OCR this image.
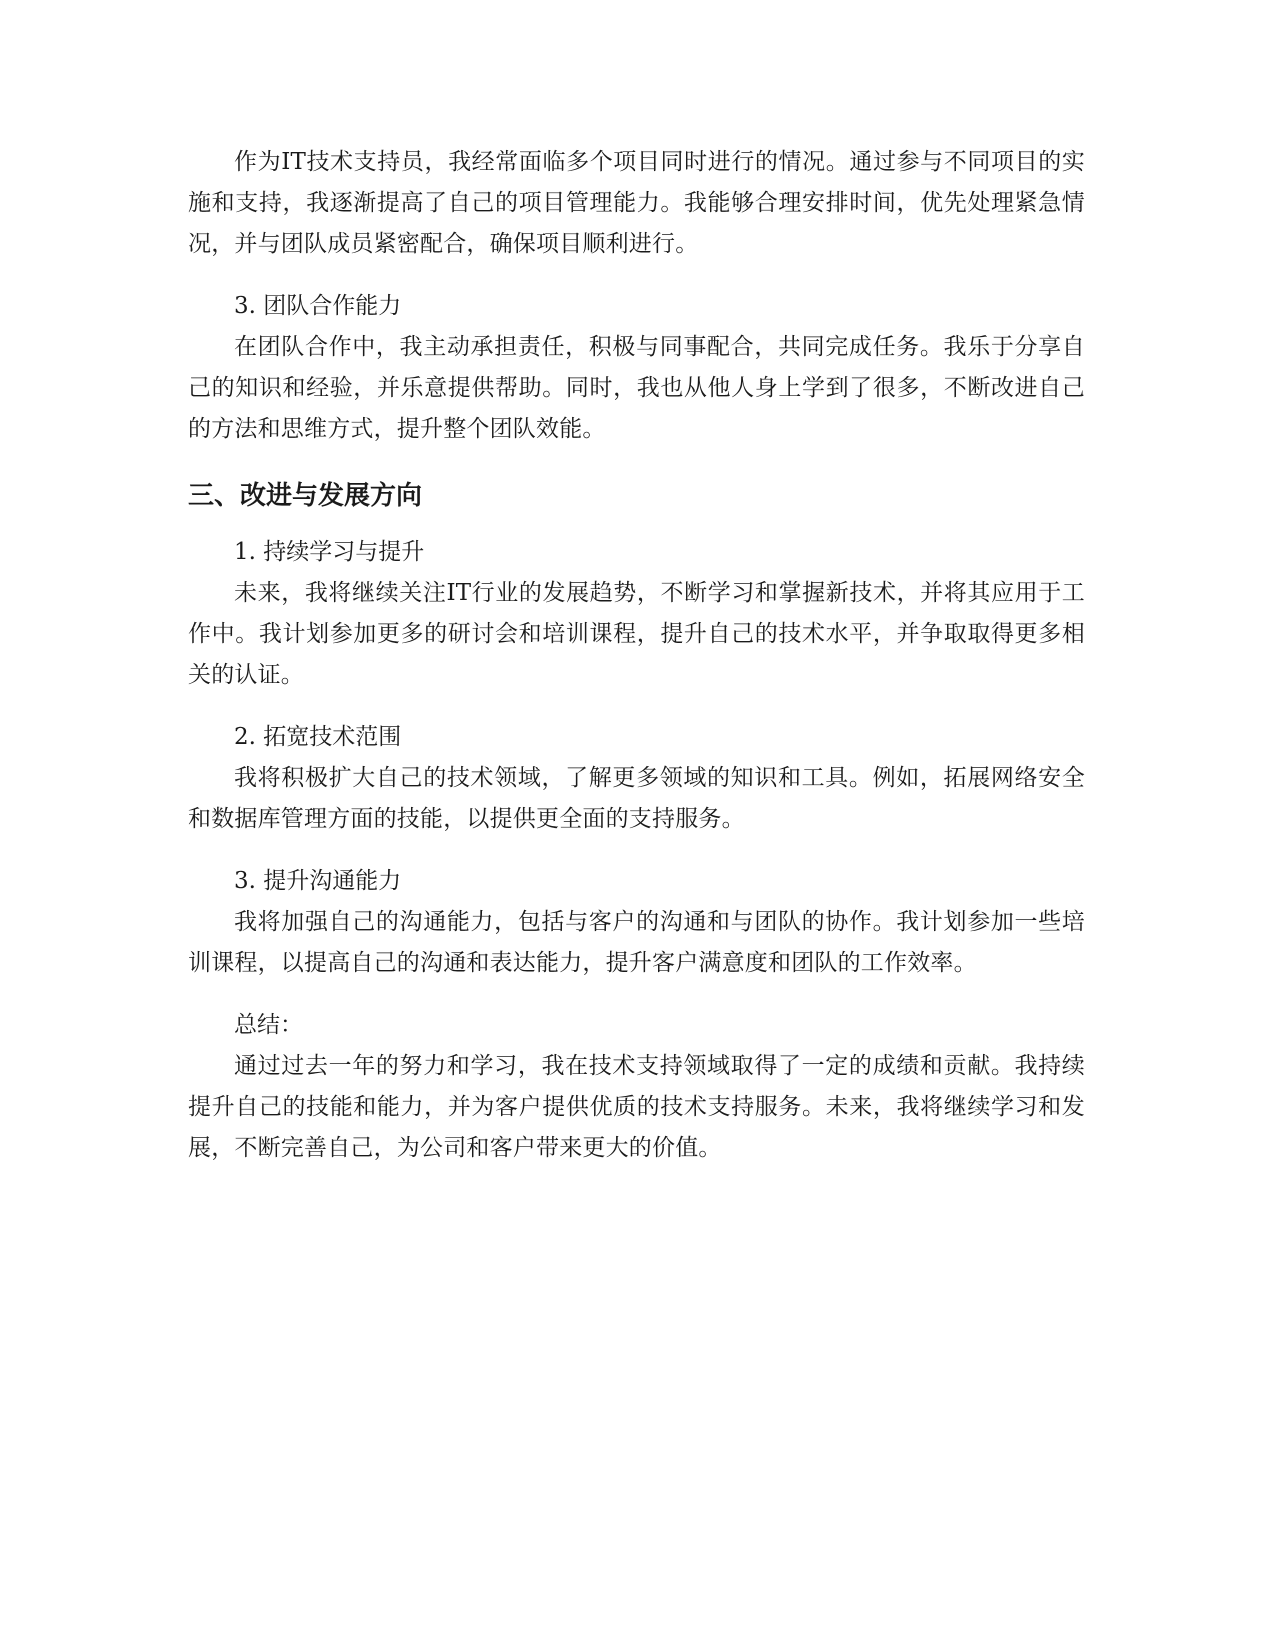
作为IT技术支持员，我经常面临多个项目同时进行的情况。通过参与不同项目的实施和支持，我逐渐提高了自己的项目管理能力。我能够合理安排时间，优先处理紧急情况，并与团队成员紧密配合，确保项目顺利进行。

3. 团队合作能力

在团队合作中，我主动承担责任，积极与同事配合，共同完成任务。我乐于分享自己的知识和经验，并乐意提供帮助。同时，我也从他人身上学到了很多，不断改进自己的方法和思维方式，提升整个团队效能。

三、改进与发展方向

1. 持续学习与提升

未来，我将继续关注IT行业的发展趋势，不断学习和掌握新技术，并将其应用于工作中。我计划参加更多的研讨会和培训课程，提升自己的技术水平，并争取取得更多相关的认证。

2. 拓宽技术范围

我将积极扩大自己的技术领域，了解更多领域的知识和工具。例如，拓展网络安全和数据库管理方面的技能，以提供更全面的支持服务。

3. 提升沟通能力

我将加强自己的沟通能力，包括与客户的沟通和与团队的协作。我计划参加一些培训课程，以提高自己的沟通和表达能力，提升客户满意度和团队的工作效率。

总结：

通过过去一年的努力和学习，我在技术支持领域取得了一定的成绩和贡献。我持续提升自己的技能和能力，并为客户提供优质的技术支持服务。未来，我将继续学习和发展，不断完善自己，为公司和客户带来更大的价值。
